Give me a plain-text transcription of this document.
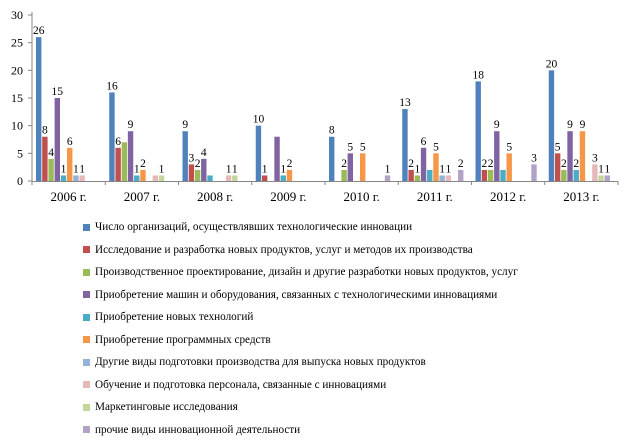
0
5
10
15
20
25
30
2006 г.	2007 г.	2008 г.	2009 г.	2010 г.	2011 г.	2012 г.	2013 г.
26
16
9	10
8
13
18
20
8
6
3
1	2	2
5
4
2	2	1	2	2
15
9
4	5	6
9	9
1	1	1	2
6
2	2
5	5	5
9
1	1
1	1	1
3
1	1	1
1	2	3
1
Число организаций, осуществлявших технологические инновации
Исследование и разработка новых продуктов, услуг и методов их производства
Производственное проектирование, дизайн и другие разработки новых продуктов, услуг
Приобретение машин и оборудования, связанных с технологическими инновациями
Приобретение новых технологий
Приобретение программных средств
Другие виды подготовки производства для выпуска новых продуктов
Обучение и подготовка персонала, связанные с инновациями
Маркетинговые исследования
прочие виды инновационной деятельности
